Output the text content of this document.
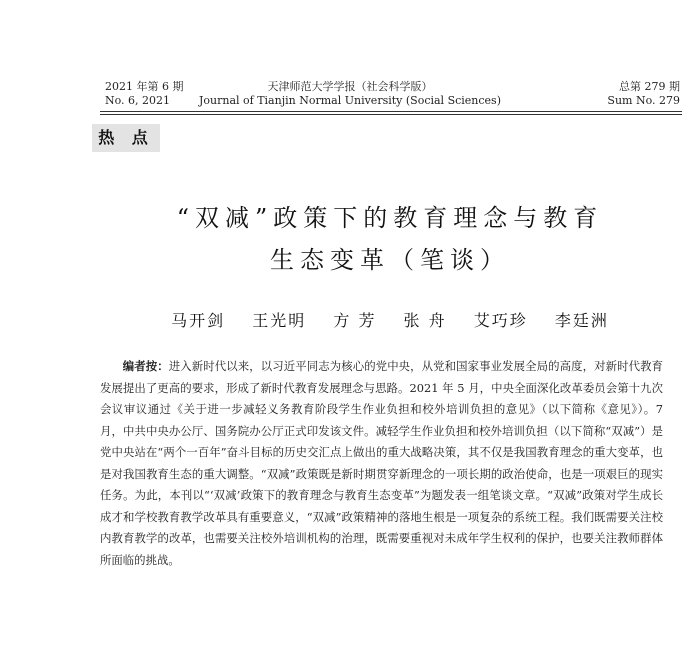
2021 年第 6 期
No. 6, 2021
天津师范大学学报（社会科学版）
Journal of Tianjin Normal University (Social Sciences)
总第 279 期
Sum No. 279
热 点
“双减”政策下的教育理念与教育
生态变革（笔谈）
马开剑 王光明 方 芳 张 舟 艾巧珍 李廷洲
编者按：进入新时代以来，以习近平同志为核心的党中央，从党和国家事业发展全局的高度，对新时代教育发展提出了更高的要求，形成了新时代教育发展理念与思路。2021 年 5 月，中央全面深化改革委员会第十九次会议审议通过《关于进一步减轻义务教育阶段学生作业负担和校外培训负担的意见》（以下简称《意见》）。7 月，中共中央办公厅、国务院办公厅正式印发该文件。减轻学生作业负担和校外培训负担（以下简称“双减”）是党中央站在“两个一百年”奋斗目标的历史交汇点上做出的重大战略决策，其不仅是我国教育理念的重大变革，也是对我国教育生态的重大调整。“双减”政策既是新时期贯穿新理念的一项长期的政治使命，也是一项艰巨的现实任务。为此，本刊以“‘双减’政策下的教育理念与教育生态变革”为题发表一组笔谈文章。“双减”政策对学生成长成才和学校教育教学改革具有重要意义，“双减”政策精神的落地生根是一项复杂的系统工程。我们既需要关注校内教育教学的改革，也需要关注校外培训机构的治理，既需要重视对未成年学生权利的保护，也要关注教师群体所面临的挑战。
